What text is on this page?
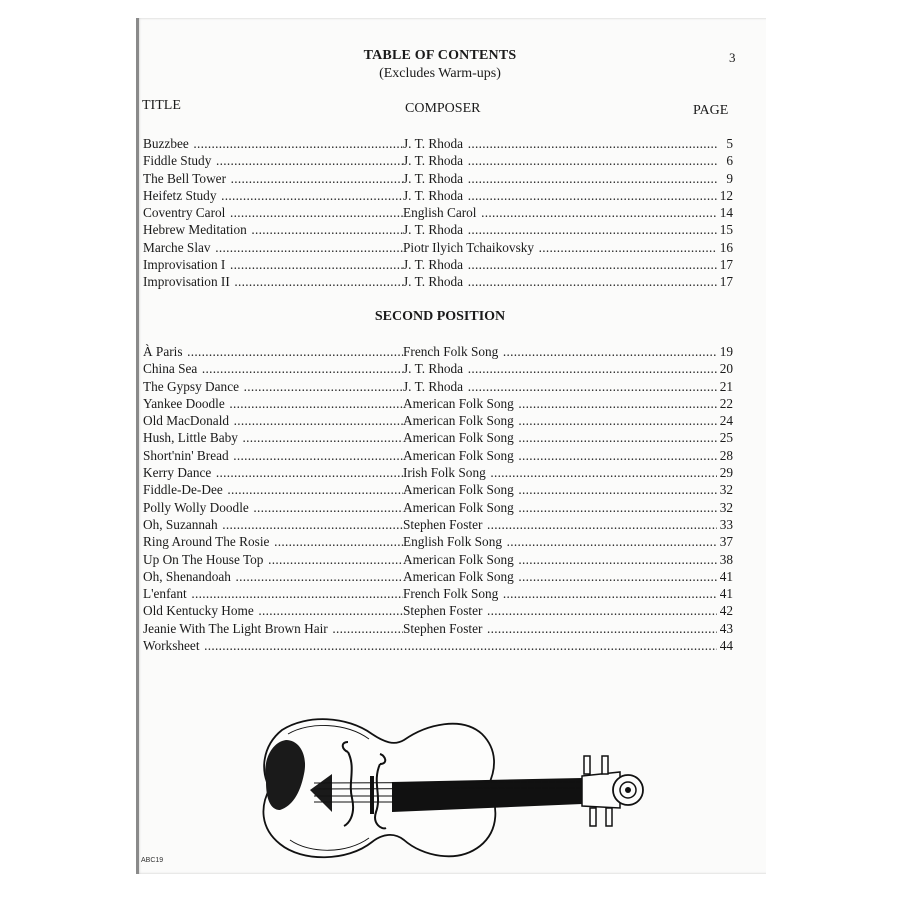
TABLE OF CONTENTS
(Excludes Warm-ups)
3
TITLE	COMPOSER	PAGE
Buzzbee .....	J. T. Rhoda .....	5
Fiddle Study .....	J. T. Rhoda .....	6
The Bell Tower .....	J. T. Rhoda .....	9
Heifetz Study .....	J. T. Rhoda .....	12
Coventry Carol .....	English Carol .....	14
Hebrew Meditation .....	J. T. Rhoda .....	15
Marche Slav .....	Piotr Ilyich Tchaikovsky .....	16
Improvisation I .....	J. T. Rhoda .....	17
Improvisation II .....	J. T. Rhoda .....	17
SECOND POSITION
À Paris .....	French Folk Song .....	19
China Sea .....	J. T. Rhoda .....	20
The Gypsy Dance .....	J. T. Rhoda .....	21
Yankee Doodle .....	American Folk Song .....	22
Old MacDonald .....	American Folk Song .....	24
Hush, Little Baby .....	American Folk Song .....	25
Short'nin' Bread .....	American Folk Song .....	28
Kerry Dance .....	Irish Folk Song .....	29
Fiddle-De-Dee .....	American Folk Song .....	32
Polly Wolly Doodle .....	American Folk Song .....	32
Oh, Suzannah .....	Stephen Foster .....	33
Ring Around The Rosie .....	English Folk Song .....	37
Up On The House Top .....	American Folk Song .....	38
Oh, Shenandoah .....	American Folk Song .....	41
L'enfant .....	French Folk Song .....	41
Old Kentucky Home .....	Stephen Foster .....	42
Jeanie With The Light Brown Hair .....	Stephen Foster .....	43
Worksheet ..... .....	44
ABC19
